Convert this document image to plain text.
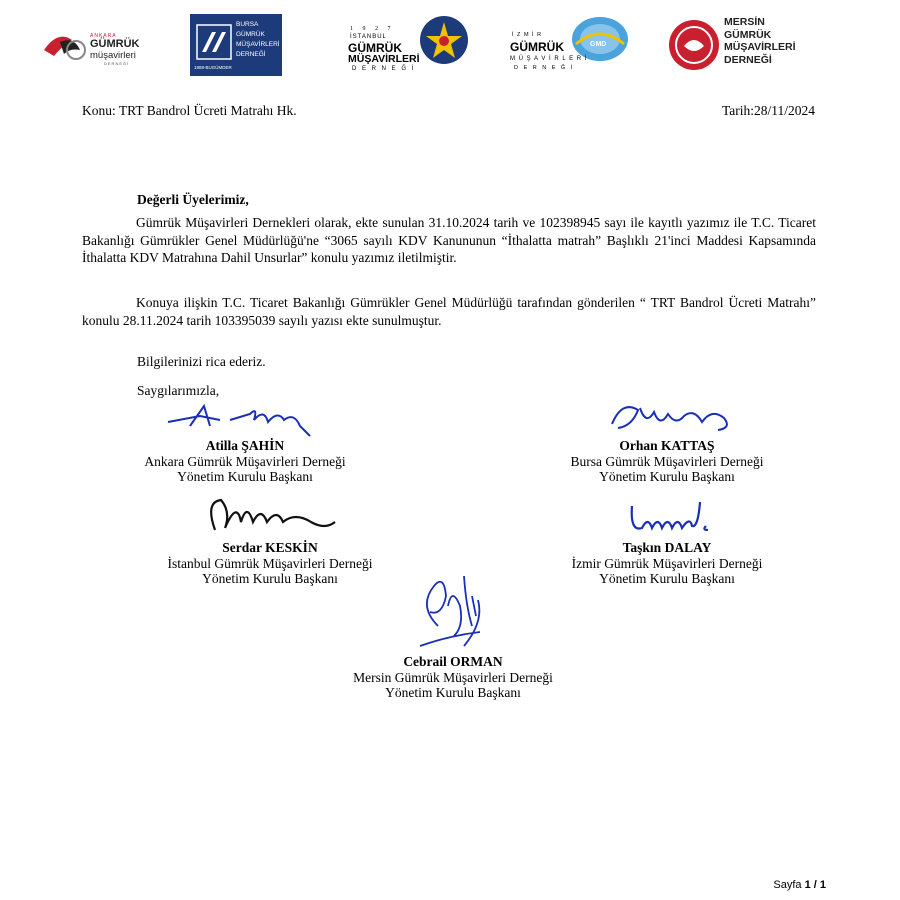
ANKARA
GÜMRÜK
müşavirleri
DERNEĞİ
BURSA
GÜMRÜK
MÜŞAVİRLERİ
DERNEĞİ
1988-BUGÜMDER
1 9 2 7
İSTANBUL
GÜMRÜK
MÜŞAVİRLERİ
D E R N E Ğ İ
GMD
İ Z M İ R
GÜMRÜK
M Ü Ş A V İ R L E R İ
D E R N E Ğ İ
MERSİN
GÜMRÜK
MÜŞAVİRLERİ
DERNEĞİ
Konu: TRT Bandrol Ücreti Matrahı Hk.	Tarih:28/11/2024
Değerli Üyelerimiz,

Gümrük Müşavirleri Dernekleri olarak, ekte sunulan 31.10.2024 tarih ve 102398945 sayı ile kayıtlı yazımız ile T.C. Ticaret Bakanlığı Gümrükler Genel Müdürlüğü'ne “3065 sayılı KDV Kanununun “İthalatta matrah” Başlıklı 21'inci Maddesi Kapsamında İthalatta KDV Matrahına Dahil Unsurlar” konulu yazımız iletilmiştir.

Konuya ilişkin T.C. Ticaret Bakanlığı Gümrükler Genel Müdürlüğü tarafından gönderilen “ TRT Bandrol Ücreti Matrahı” konulu 28.11.2024 tarih 103395039 sayılı yazısı ekte sunulmuştur.

Bilgilerinizi rica ederiz.
Saygılarımızla,
Atilla ŞAHİN
Ankara Gümrük Müşavirleri Derneği
Yönetim Kurulu Başkanı
Orhan KATTAŞ
Bursa Gümrük Müşavirleri Derneği
Yönetim Kurulu Başkanı
Serdar KESKİN
İstanbul Gümrük Müşavirleri Derneği
Yönetim Kurulu Başkanı
Taşkın DALAY
İzmir Gümrük Müşavirleri Derneği
Yönetim Kurulu Başkanı
Cebrail ORMAN
Mersin Gümrük Müşavirleri Derneği
Yönetim Kurulu Başkanı
Sayfa 1 / 1
